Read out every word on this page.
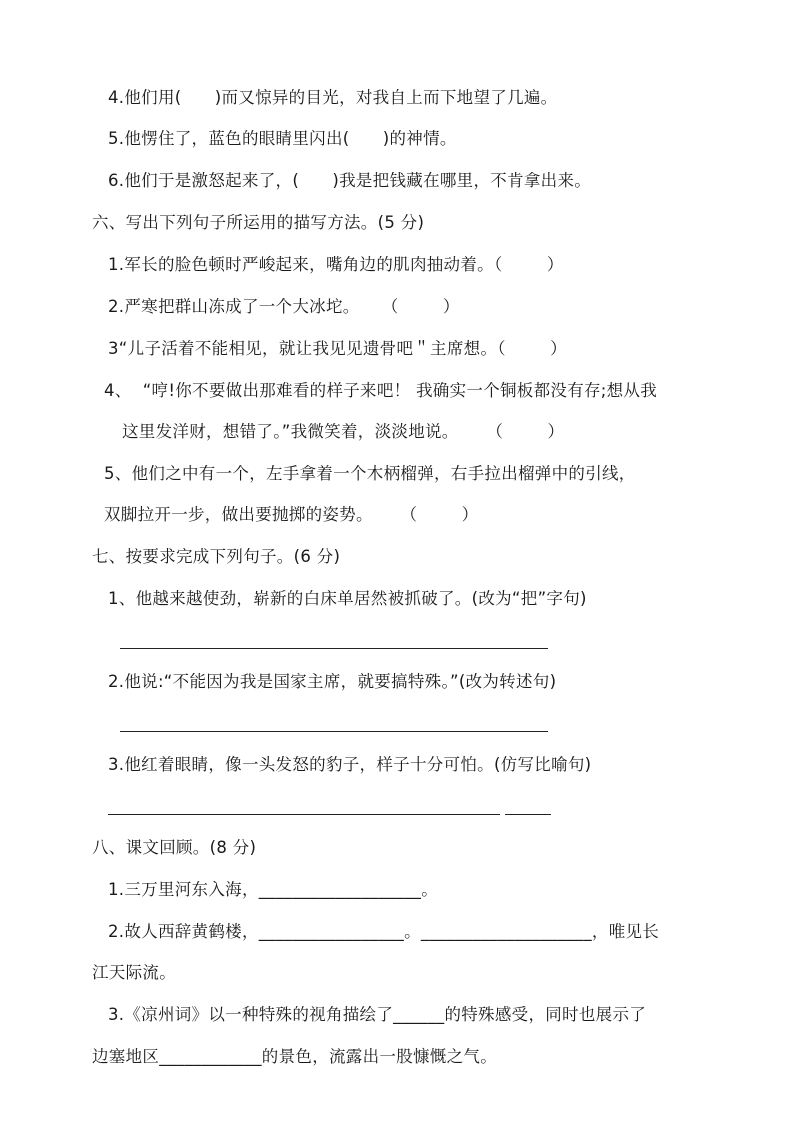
4.他们用(      )而又惊异的目光，对我自上而下地望了几遍。
5.他愣住了，蓝色的眼睛里闪出(      )的神情。
6.他们于是激怒起来了，(      )我是把钱藏在哪里，不肯拿出来。
六、写出下列句子所运用的描写方法。(5 分)
1.军长的脸色顿时严峻起来，嘴角边的肌肉抽动着。（        ）
2.严寒把群山冻成了一个大冰坨。    （        ）
3“儿子活着不能相见，就让我见见遗骨吧＂主席想。（        ）
4、  “哼!你不要做出那难看的样子来吧！ 我确实一个铜板都没有存;想从我
这里发洋财，想错了。”我微笑着，淡淡地说。     （        ）
5、他们之中有一个，左手拿着一个木柄榴弹，右手拉出榴弹中的引线，
双脚拉开一步，做出要抛掷的姿势。     （        ）
七、按要求完成下列句子。(6 分)
1、他越来越使劲，崭新的白床单居然被抓破了。(改为“把”字句)
2.他说:“不能因为我是国家主席，就要搞特殊。”(改为转述句)
3.他红着眼睛，像一头发怒的豹子，样子十分可怕。(仿写比喻句)
八、课文回顾。(8 分)
1.三万里河东入海，___________________。
2.故人西辞黄鹤楼，_________________。____________________，唯见长
江天际流。
3.《凉州词》以一种特殊的视角描绘了______的特殊感受，同时也展示了
边塞地区____________的景色，流露出一股慷慨之气。
